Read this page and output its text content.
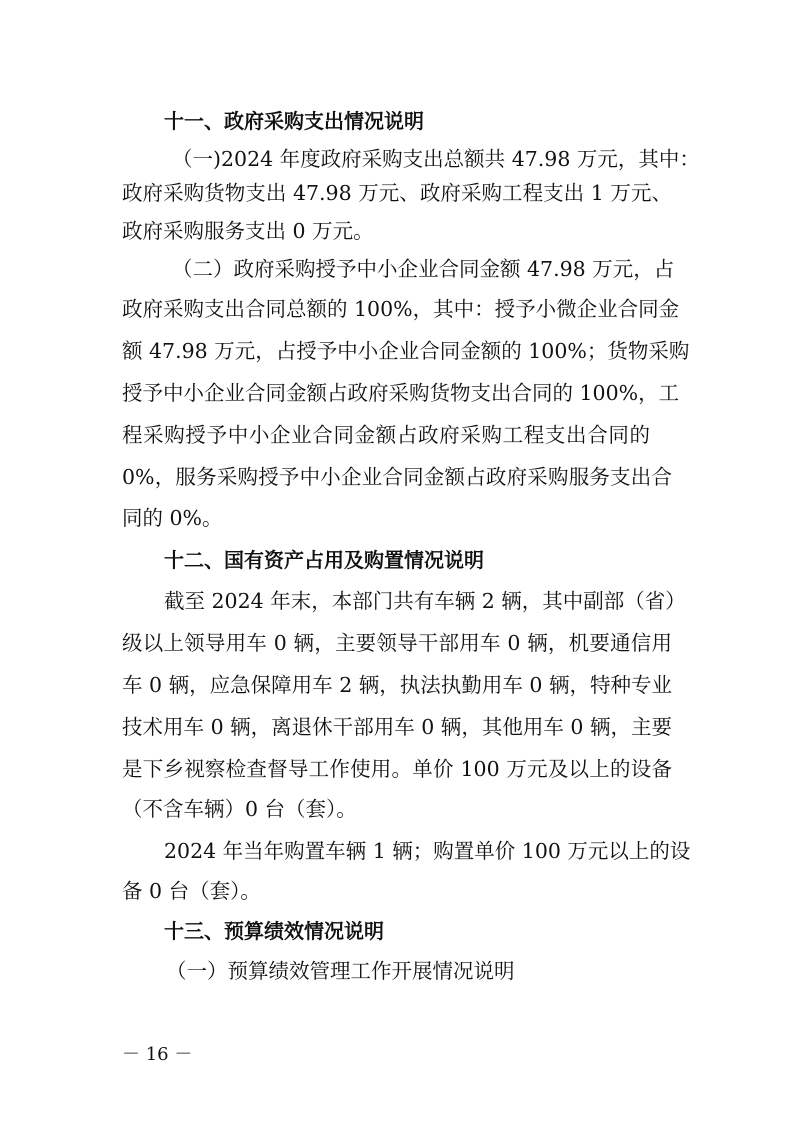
十一、政府采购支出情况说明
（一)2024 年度政府采购支出总额共 47.98 万元，其中：
政府采购货物支出 47.98 万元、政府采购工程支出 1 万元、
政府采购服务支出 0 万元。
（二）政府采购授予中小企业合同金额 47.98 万元，占
政府采购支出合同总额的 100%，其中：授予小微企业合同金
额 47.98 万元，占授予中小企业合同金额的 100%；货物采购
授予中小企业合同金额占政府采购货物支出合同的 100%，工
程采购授予中小企业合同金额占政府采购工程支出合同的
0%，服务采购授予中小企业合同金额占政府采购服务支出合
同的 0%。
十二、国有资产占用及购置情况说明
截至 2024 年末，本部门共有车辆 2 辆，其中副部（省）
级以上领导用车 0 辆，主要领导干部用车 0 辆，机要通信用
车 0 辆，应急保障用车 2 辆，执法执勤用车 0 辆，特种专业
技术用车 0 辆，离退休干部用车 0 辆，其他用车 0 辆，主要
是下乡视察检查督导工作使用。单价 100 万元及以上的设备
（不含车辆）0 台（套）。
2024 年当年购置车辆 1 辆；购置单价 100 万元以上的设
备 0 台（套）。
十三、预算绩效情况说明
（一）预算绩效管理工作开展情况说明
－ 16 －
